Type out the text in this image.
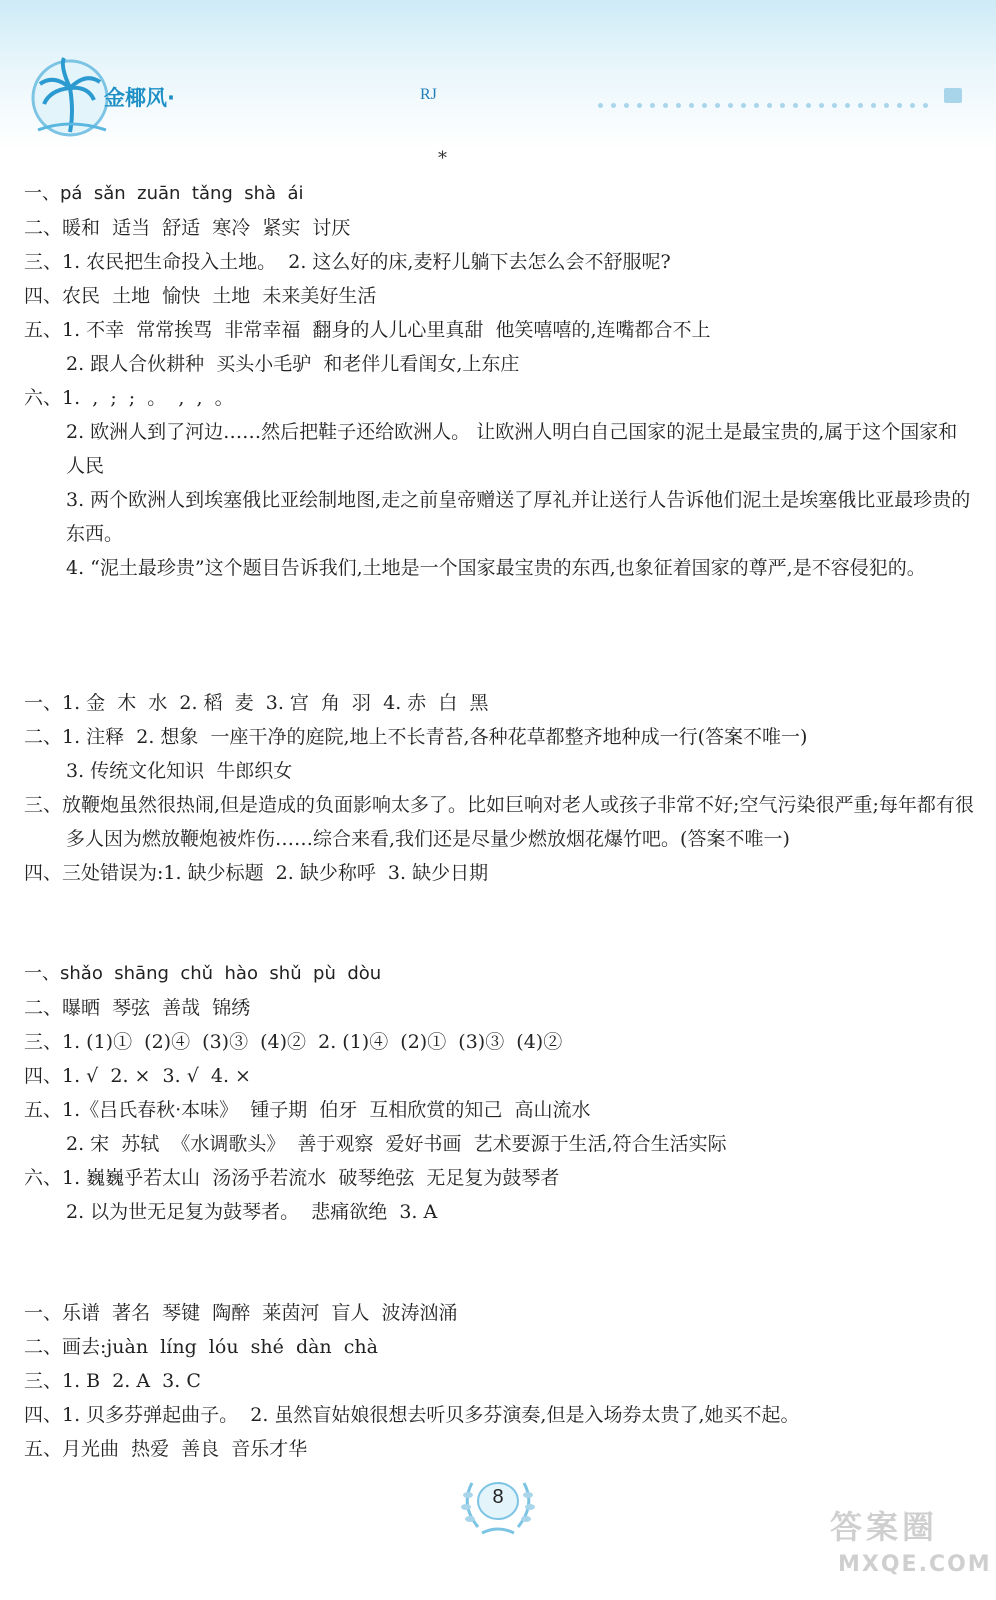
金椰风·	RJ
*
一、pá  sǎn  zuān  tǎng  shà  ái
二、暖和  适当  舒适  寒冷  紧实  讨厌
三、1. 农民把生命投入土地。  2. 这么好的床,麦籽儿躺下去怎么会不舒服呢?
四、农民  土地  愉快  土地  未来美好生活
五、1. 不幸  常常挨骂  非常幸福  翻身的人儿心里真甜  他笑嘻嘻的,连嘴都合不上
2. 跟人合伙耕种  买头小毛驴  和老伴儿看闺女,上东庄
六、1.  ,  ;  ;  。  ,  ,  。
2. 欧洲人到了河边……然后把鞋子还给欧洲人。 让欧洲人明白自己国家的泥土是最宝贵的,属于这个国家和人民
3. 两个欧洲人到埃塞俄比亚绘制地图,走之前皇帝赠送了厚礼并让送行人告诉他们泥土是埃塞俄比亚最珍贵的东西。
4. “泥土最珍贵”这个题目告诉我们,土地是一个国家最宝贵的东西,也象征着国家的尊严,是不容侵犯的。
一、1. 金  木  水  2. 稻  麦  3. 宫  角  羽  4. 赤  白  黑
二、1. 注释  2. 想象  一座干净的庭院,地上不长青苔,各种花草都整齐地种成一行(答案不唯一)
3. 传统文化知识  牛郎织女
三、放鞭炮虽然很热闹,但是造成的负面影响太多了。比如巨响对老人或孩子非常不好;空气污染很严重;每年都有很多人因为燃放鞭炮被炸伤……综合来看,我们还是尽量少燃放烟花爆竹吧。(答案不唯一)
四、三处错误为:1. 缺少标题  2. 缺少称呼  3. 缺少日期
一、shǎo  shāng  chǔ  hào  shǔ  pù  dòu
二、曝晒  琴弦  善哉  锦绣
三、1. (1)①  (2)④  (3)③  (4)②  2. (1)④  (2)①  (3)③  (4)②
四、1. √  2. ×  3. √  4. ×
五、1.《吕氏春秋·本味》  锺子期  伯牙  互相欣赏的知己  高山流水
2. 宋  苏轼  《水调歌头》  善于观察  爱好书画  艺术要源于生活,符合生活实际
六、1. 巍巍乎若太山  汤汤乎若流水  破琴绝弦  无足复为鼓琴者
2. 以为世无足复为鼓琴者。  悲痛欲绝  3. A
一、乐谱  著名  琴键  陶醉  莱茵河  盲人  波涛汹涌
二、画去:juàn  líng  lóu  shé  dàn  chà
三、1. B  2. A  3. C
四、1. 贝多芬弹起曲子。  2. 虽然盲姑娘很想去听贝多芬演奏,但是入场券太贵了,她买不起。
五、月光曲  热爱  善良  音乐才华
8
答案圈
MXQE.COM
